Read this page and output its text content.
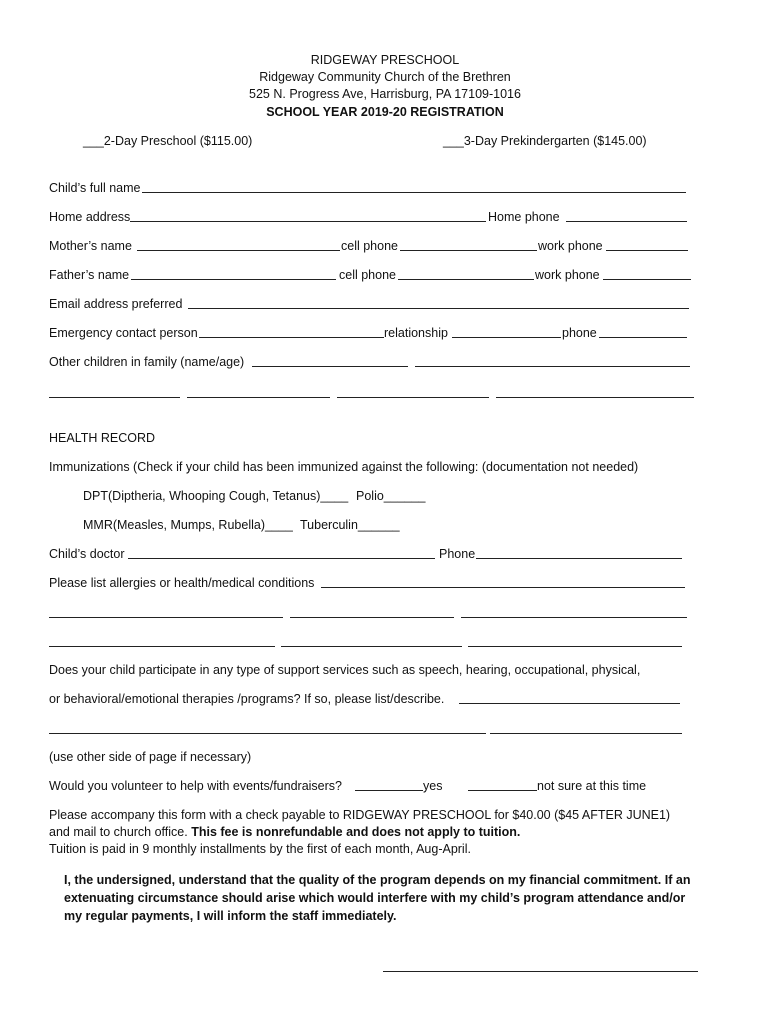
RIDGEWAY PRESCHOOL
Ridgeway Community Church of the Brethren
525 N. Progress Ave, Harrisburg, PA 17109-1016
SCHOOL YEAR 2019-20 REGISTRATION
___2-Day Preschool ($115.00)	___3-Day Prekindergarten ($145.00)
Child’s full name
Home address	Home phone
Mother’s name	cell phone	work phone
Father’s name	cell phone	work phone
Email address preferred
Emergency contact person	relationship	phone
Other children in family (name/age)
HEALTH RECORD
Immunizations (Check if your child has been immunized against the following: (documentation not needed)
DPT(Diptheria, Whooping Cough, Tetanus)____ Polio______
MMR(Measles, Mumps, Rubella)____ Tuberculin______
Child’s doctor	Phone
Please list allergies or health/medical conditions
Does your child participate in any type of support services such as speech, hearing, occupational, physical,
or behavioral/emotional therapies /programs? If so, please list/describe.
(use other side of page if necessary)
Would you volunteer to help with events/fundraisers?	yes	not sure at this time
Please accompany this form with a check payable to RIDGEWAY PRESCHOOL for $40.00 ($45 AFTER JUNE1)
and mail to church office. This fee is nonrefundable and does not apply to tuition.
Tuition is paid in 9 monthly installments by the first of each month, Aug-April.
I, the undersigned, understand that the quality of the program depends on my financial commitment. If an extenuating circumstance should arise which would interfere with my child’s program attendance and/or my regular payments, I will inform the staff immediately.
